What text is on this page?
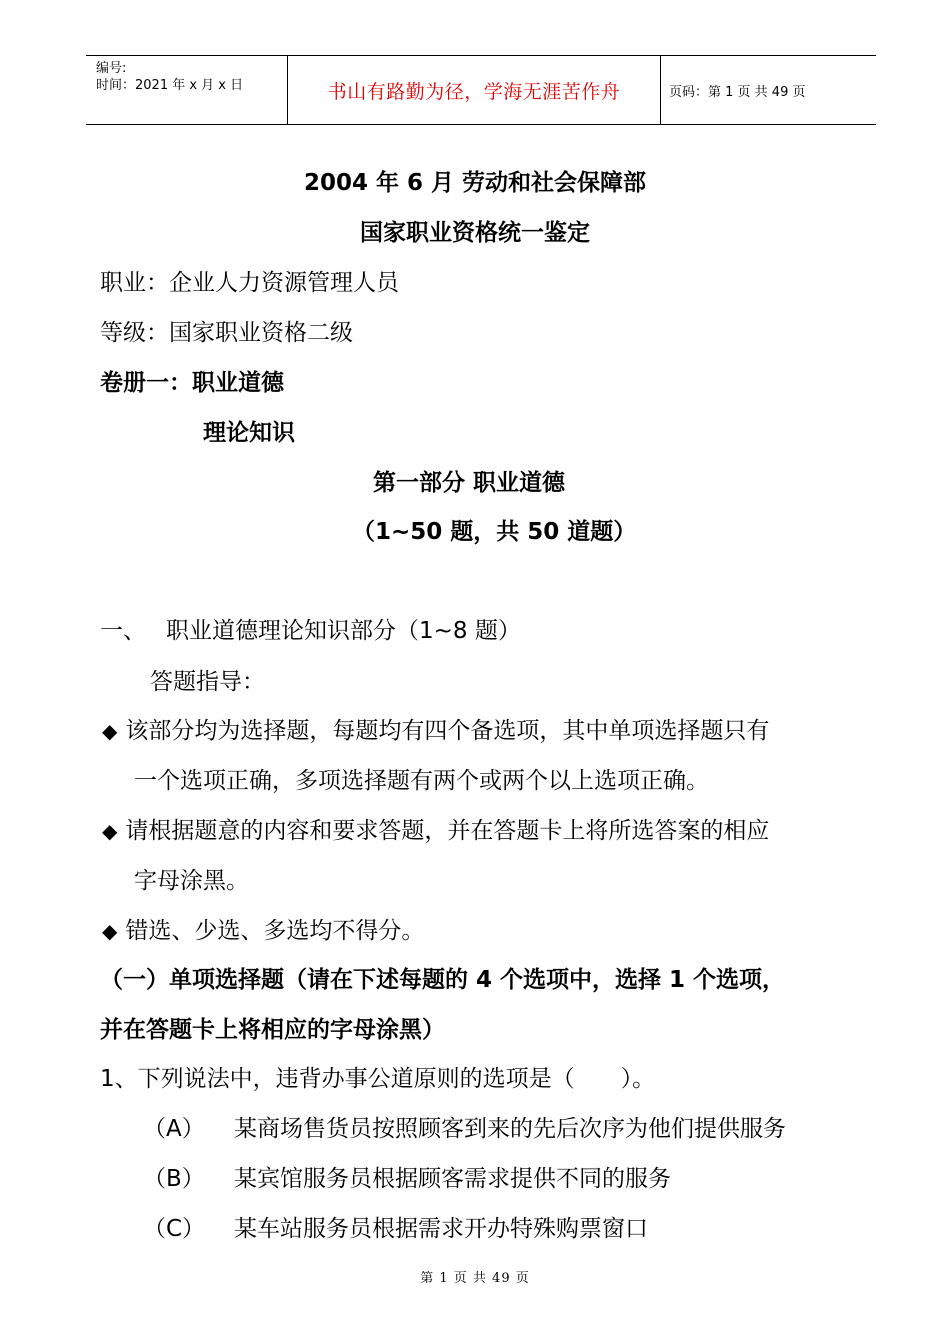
编号:
时间：2021 年 x 月 x 日	书山有路勤为径，学海无涯苦作舟	页码：第 1 页 共 49 页
2004 年 6 月 劳动和社会保障部
国家职业资格统一鉴定
职业：企业人力资源管理人员
等级：国家职业资格二级
卷册一：职业道德
理论知识
第一部分 职业道德
（1~50 题，共 50 道题）
一、 职业道德理论知识部分（1~8 题）
答题指导：
◆ 该部分均为选择题，每题均有四个备选项，其中单项选择题只有
一个选项正确，多项选择题有两个或两个以上选项正确。
◆ 请根据题意的内容和要求答题，并在答题卡上将所选答案的相应
字母涂黑。
◆ 错选、少选、多选均不得分。
（一）单项选择题（请在下述每题的 4 个选项中，选择 1 个选项，
并在答题卡上将相应的字母涂黑）
1、下列说法中，违背办事公道原则的选项是（　　）。
（A） 某商场售货员按照顾客到来的先后次序为他们提供服务
（B） 某宾馆服务员根据顾客需求提供不同的服务
（C） 某车站服务员根据需求开办特殊购票窗口
第 1 页 共 49 页
